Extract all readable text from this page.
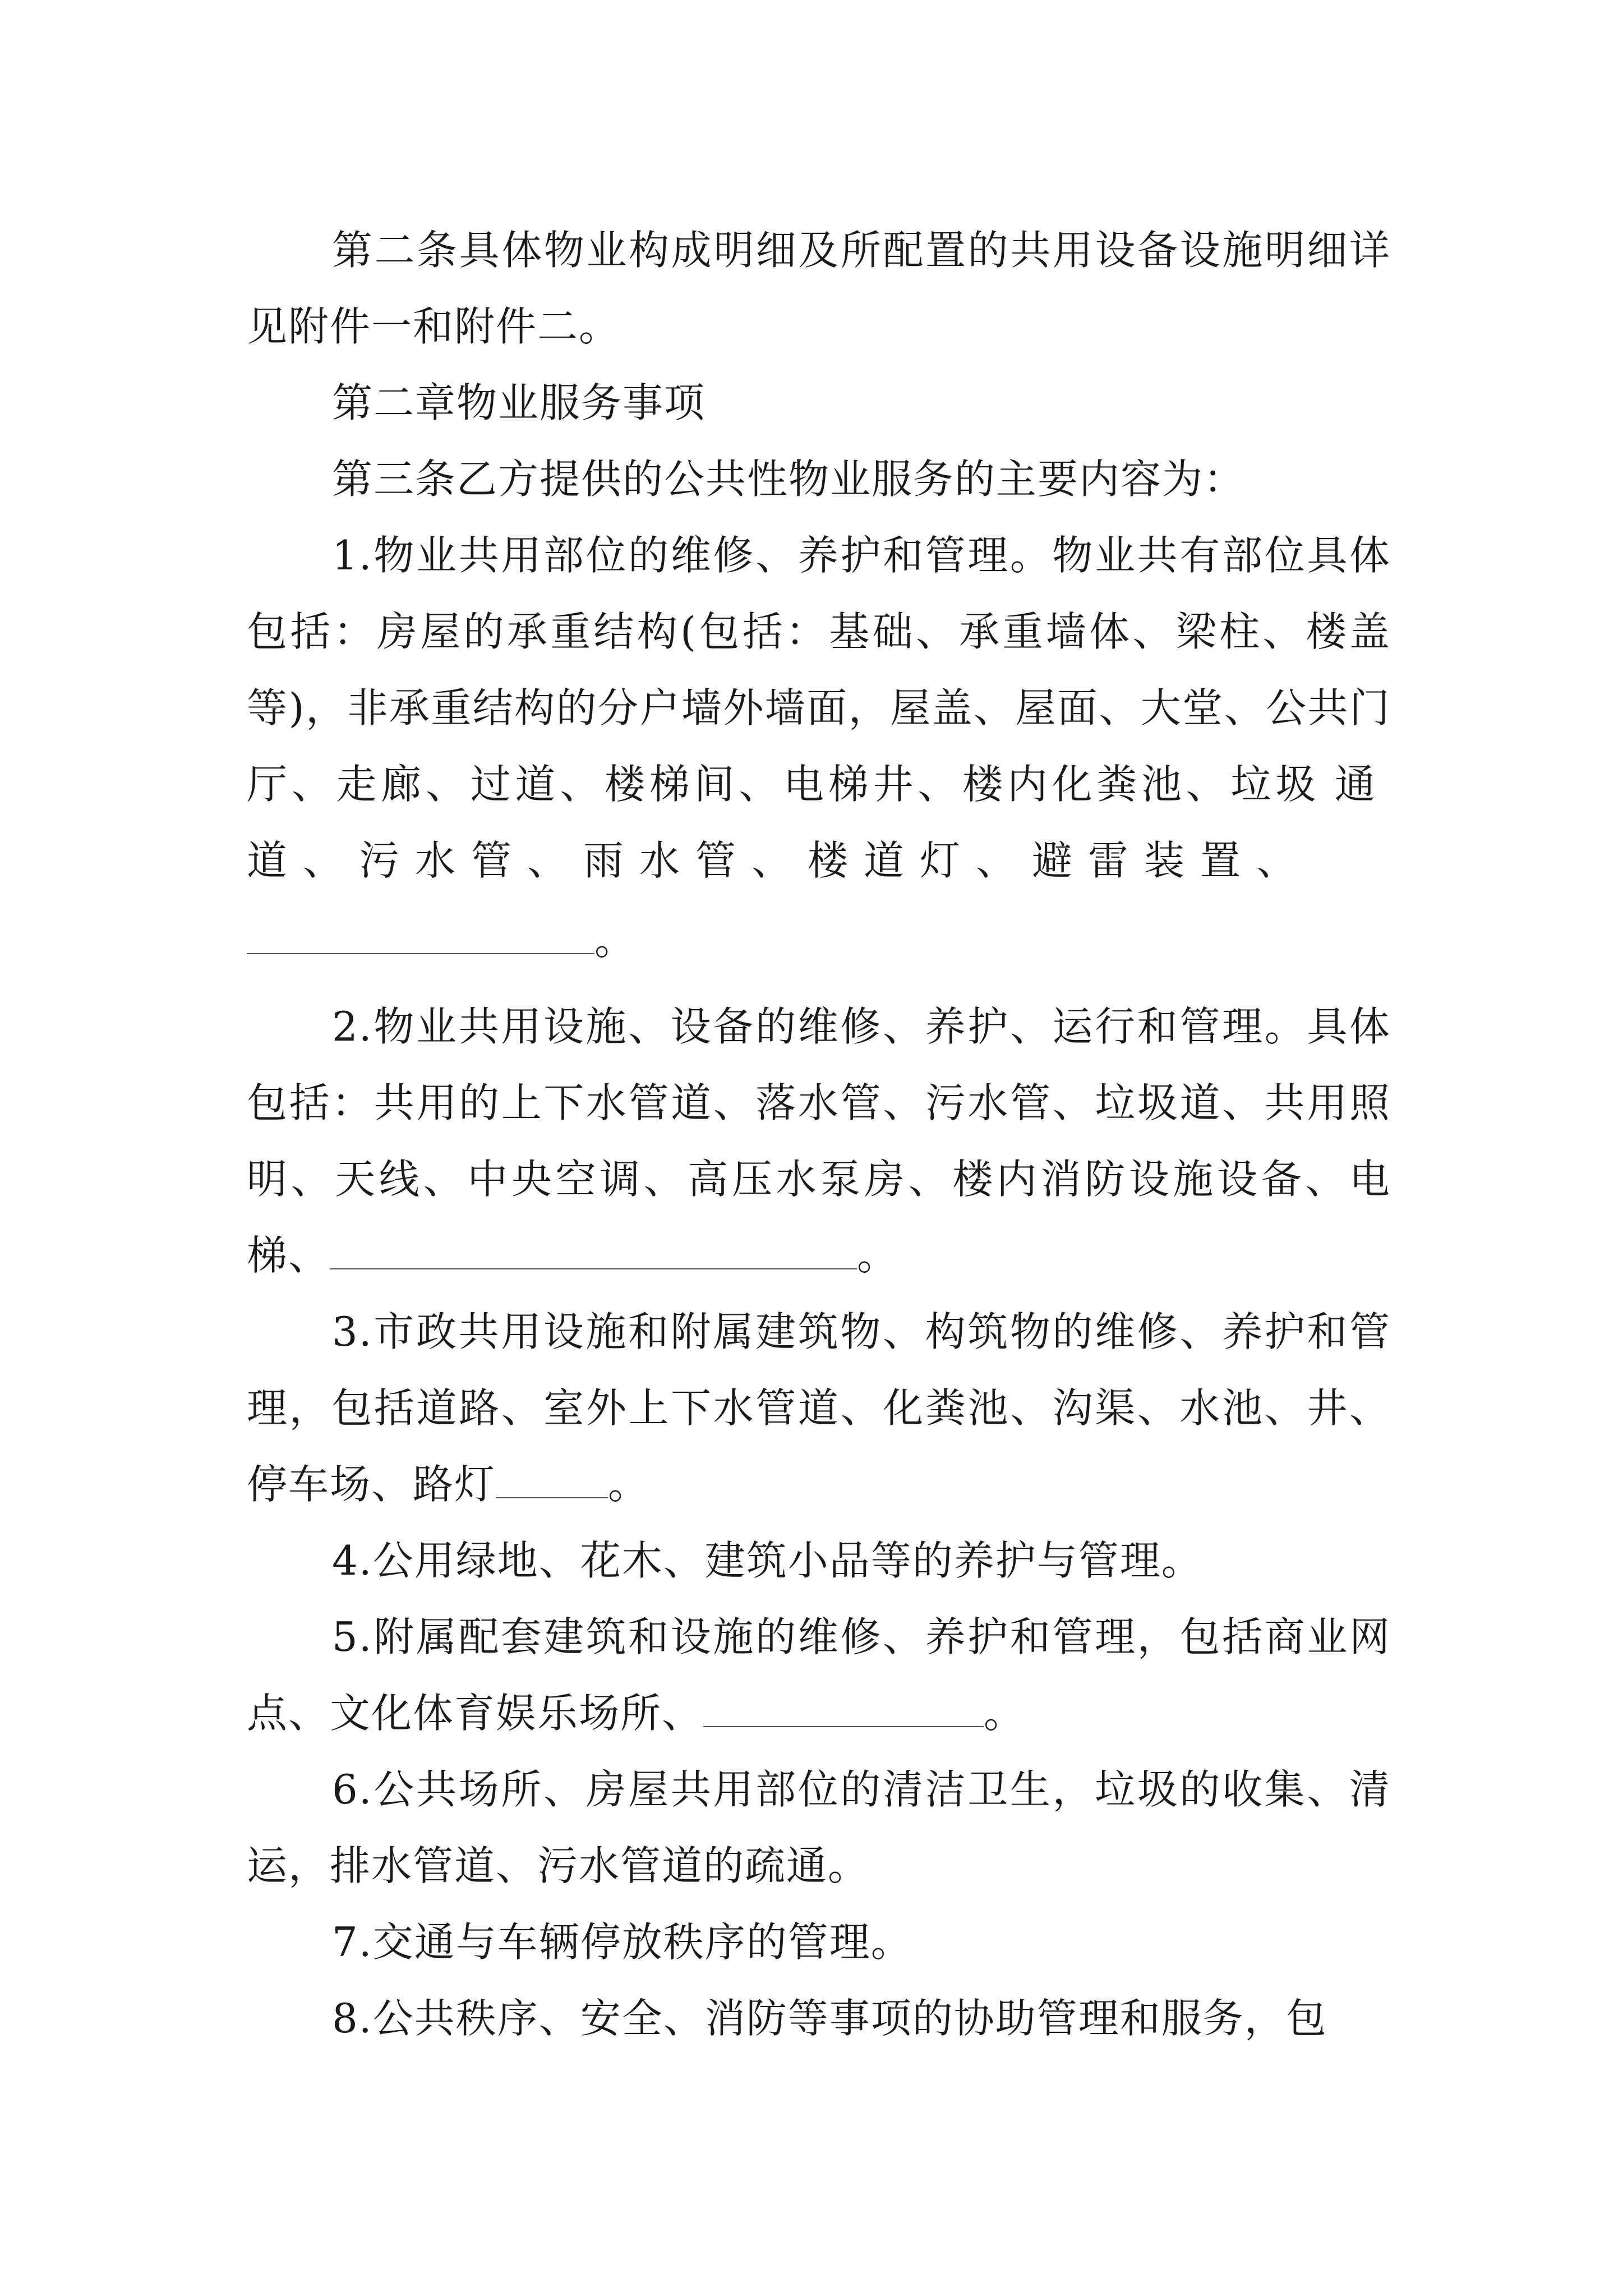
第二条具体物业构成明细及所配置的共用设备设施明细详见附件一和附件二。

第二章物业服务事项

第三条乙方提供的公共性物业服务的主要内容为：

1.物业共用部位的维修、养护和管理。物业共有部位具体包括：房屋的承重结构(包括：基础、承重墙体、梁柱、楼盖等)，非承重结构的分户墙外墙面，屋盖、屋面、大堂、公共门厅、走廊、过道、楼梯间、电梯井、楼内化粪池、垃圾通道、污水管、雨水管、楼道灯、避雷装置、

。

2.物业共用设施、设备的维修、养护、运行和管理。具体包括：共用的上下水管道、落水管、污水管、垃圾道、共用照明、天线、中央空调、高压水泵房、楼内消防设施设备、电梯、	。

3.市政共用设施和附属建筑物、构筑物的维修、养护和管理，包括道路、室外上下水管道、化粪池、沟渠、水池、井、停车场、路灯	。

4.公用绿地、花木、建筑小品等的养护与管理。

5.附属配套建筑和设施的维修、养护和管理，包括商业网点、文化体育娱乐场所、	。

6.公共场所、房屋共用部位的清洁卫生，垃圾的收集、清运，排水管道、污水管道的疏通。

7.交通与车辆停放秩序的管理。

8.公共秩序、安全、消防等事项的协助管理和服务，包
